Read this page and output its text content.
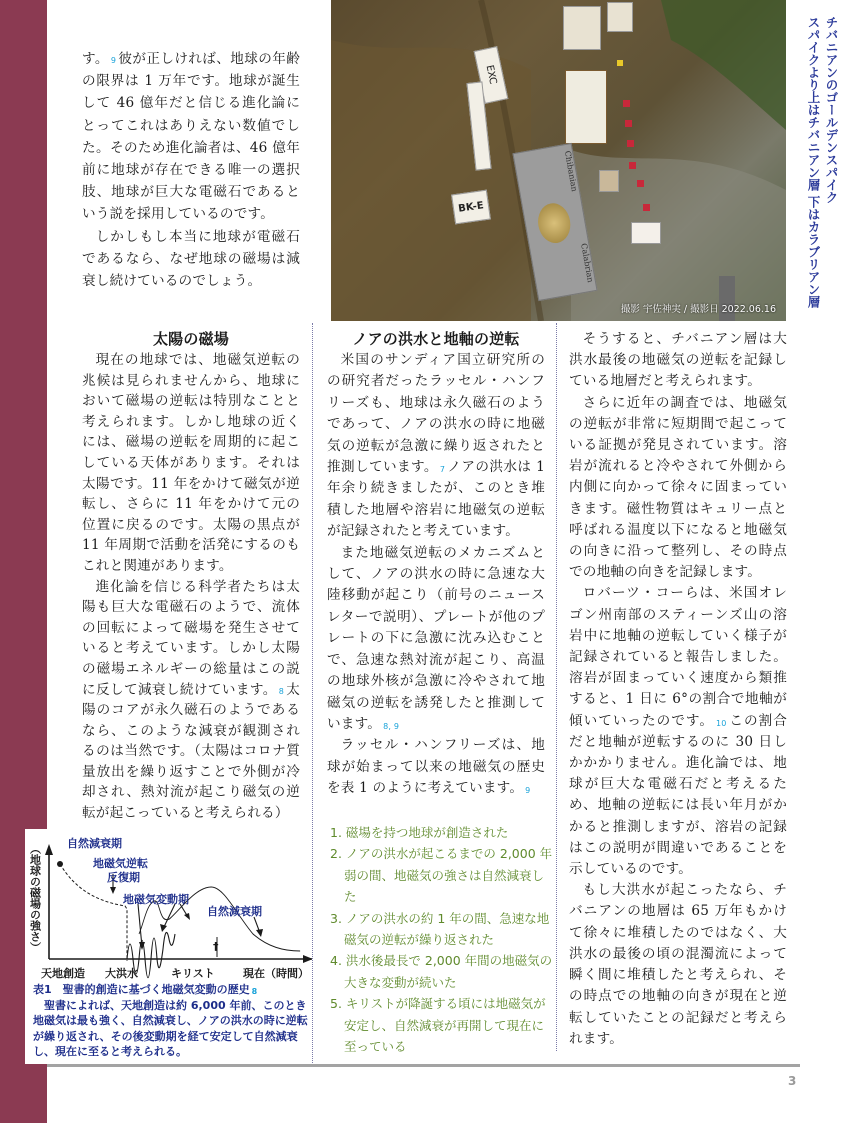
す。 $^9$ 彼が正しければ、地球の年齢の限界は 1 万年です。地球が誕生して 46 億年だと信じる進化論にとってこれはありえない数値でした。そのため進化論者は、46 億年前に地球が存在できる唯一の選択肢、地球が巨大な電磁石であるという説を採用しているのです。

しかしもし本当に地球が電磁石であるなら、なぜ地球の磁場は減衰し続けているのでしょう。

EXC
BK-E
Chibanian
Calabrian
撮影 宇佐神実 / 撮影日 2022.06.16
チバニアンのゴールデンスパイク
スパイクより上はチバニアン層 下はカラブリアン層

太陽の磁場

現在の地球では、地磁気逆転の兆候は見られませんから、地球において磁場の逆転は特別なことと考えられます。しかし地球の近くには、磁場の逆転を周期的に起こしている天体があります。それは太陽です。11 年をかけて磁気が逆転し、さらに 11 年をかけて元の位置に戻るのです。太陽の黒点が 11 年周期で活動を活発にするのもこれと関連があります。

進化論を信じる科学者たちは太陽も巨大な電磁石のようで、流体の回転によって磁場を発生させていると考えています。しかし太陽の磁場エネルギーの総量はこの説に反して減衰し続けています。 $^8$ 太陽のコアが永久磁石のようであるなら、このような減衰が観測されるのは当然です。（太陽はコロナ質量放出を繰り返すことで外側が冷却され、熱対流が起こり磁気の逆転が起こっていると考えられる）

（地球の磁場の強さ）	†
自然減衰期
地磁気逆転
反復期
地磁気変動期
自然減衰期
天地創造 大洪水	キリスト	現在（時間）
表1　聖書的創造に基づく地磁気変動の歴史 $^8$
聖書によれば、天地創造は約 6,000 年前、このとき地磁気は最も強く、自然減衰し、ノアの洪水の時に逆転が繰り返され、その後変動期を経て安定して自然減衰し、現在に至ると考えられる。

ノアの洪水と地軸の逆転

米国のサンディア国立研究所のの研究者だったラッセル・ハンフリーズも、地球は永久磁石のようであって、ノアの洪水の時に地磁気の逆転が急激に繰り返されたと推測しています。 $^7$ ノアの洪水は 1 年余り続きましたが、このとき堆積した地層や溶岩に地磁気の逆転が記録されたと考えています。

また地磁気逆転のメカニズムとして、ノアの洪水の時に急速な大陸移動が起こり（前号のニュースレターで説明）、プレートが他のプレートの下に急激に沈み込むことで、急速な熱対流が起こり、高温の地球外核が急激に冷やされて地磁気の逆転を誘発したと推測しています。 $^{8, 9}$

ラッセル・ハンフリーズは、地球が始まって以来の地磁気の歴史を表 1 のように考えています。 $^9$

1. 磁場を持つ地球が創造された
2. ノアの洪水が起こるまでの 2,000 年弱の間、地磁気の強さは自然減衰した
3. ノアの洪水の約 1 年の間、急速な地磁気の逆転が繰り返された
4. 洪水後最長で 2,000 年間の地磁気の大きな変動が続いた
5. キリストが降誕する頃には地磁気が安定し、自然減衰が再開して現在に至っている

そうすると、チバニアン層は大洪水最後の地磁気の逆転を記録している地層だと考えられます。

さらに近年の調査では、地磁気の逆転が非常に短期間で起こっている証拠が発見されています。溶岩が流れると冷やされて外側から内側に向かって徐々に固まっていきます。磁性物質はキュリー点と呼ばれる温度以下になると地磁気の向きに沿って整列し、その時点での地軸の向きを記録します。

ロバーツ・コーらは、米国オレゴン州南部のスティーンズ山の溶岩中に地軸の逆転していく様子が記録されていると報告しました。溶岩が固まっていく速度から類推すると、1 日に 6°の割合で地軸が傾いていったのです。 $^{10}$ この割合だと地軸が逆転するのに 30 日しかかかりません。進化論では、地球が巨大な電磁石だと考えるため、地軸の逆転には長い年月がかかると推測しますが、溶岩の記録はこの説明が間違いであることを示しているのです。

もし大洪水が起こったなら、チバニアンの地層は 65 万年もかけて徐々に堆積したのではなく、大洪水の最後の頃の混濁流によって瞬く間に堆積したと考えられ、その時点での地軸の向きが現在と逆転していたことの記録だと考えられます。

3
